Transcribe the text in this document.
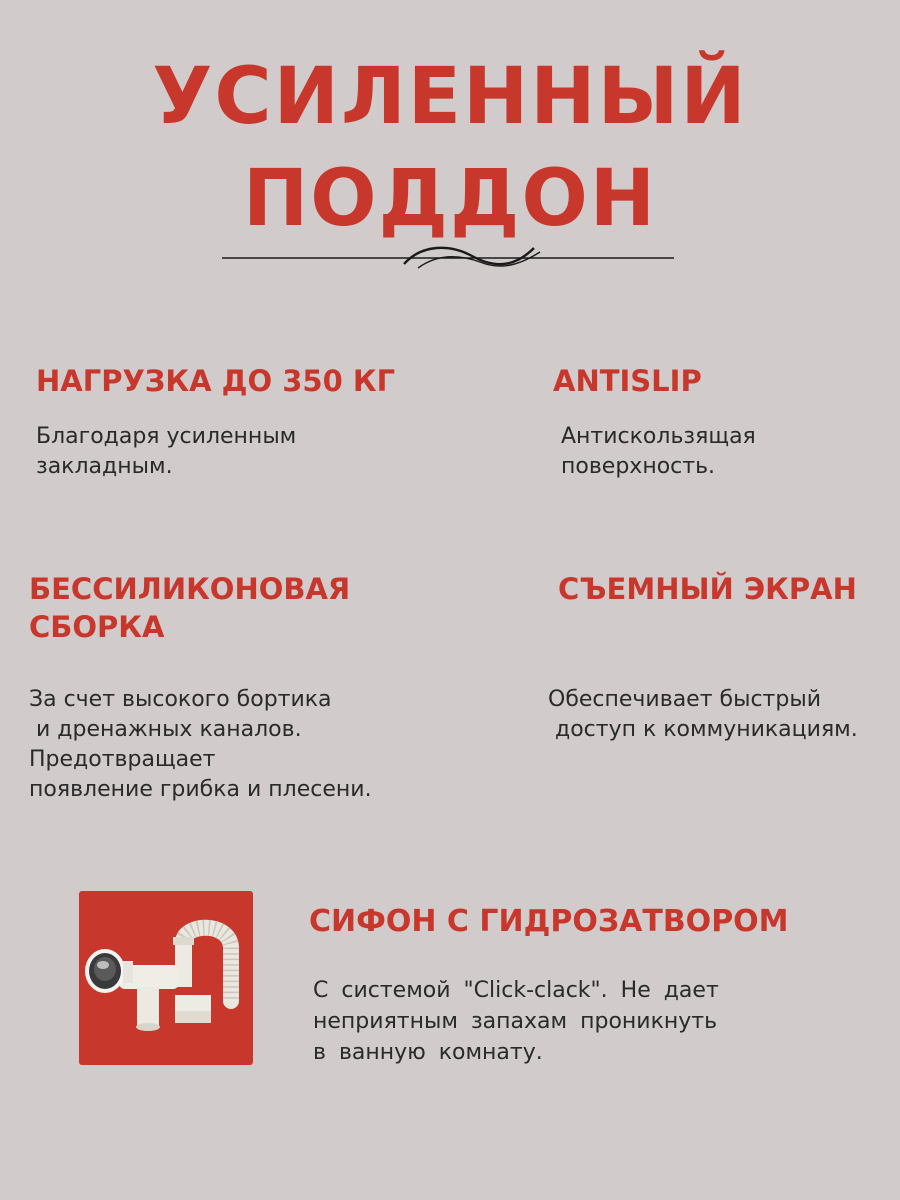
УСИЛЕННЫЙ
ПОДДОН
НАГРУЗКА ДО 350 КГ
Благодаря усиленным
закладным.
ANTISLIP
Антискользящая
поверхность.
БЕССИЛИКОНОВАЯ
СБОРКА
За счет высокого бортика
и дренажных каналов.
Предотвращает
появление грибка и плесени.
СЪЕМНЫЙ ЭКРАН
Обеспечивает быстрый
доступ к коммуникациям.
СИФОН С ГИДРОЗАТВОРОМ
С системой "Click-clack". Не дает
неприятным запахам проникнуть
в ванную комнату.
